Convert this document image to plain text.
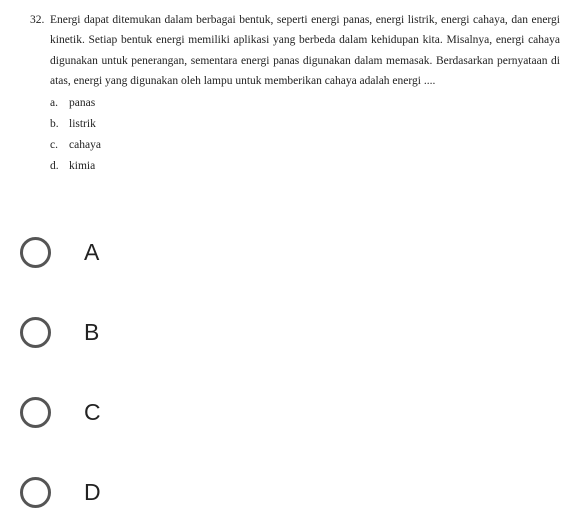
32. Energi dapat ditemukan dalam berbagai bentuk, seperti energi panas, energi listrik, energi cahaya, dan energi kinetik. Setiap bentuk energi memiliki aplikasi yang berbeda dalam kehidupan kita. Misalnya, energi cahaya digunakan untuk penerangan, sementara energi panas digunakan dalam memasak. Berdasarkan pernyataan di atas, energi yang digunakan oleh lampu untuk memberikan cahaya adalah energi ....
a. panas
b. listrik
c. cahaya
d. kimia
A
B
C
D
